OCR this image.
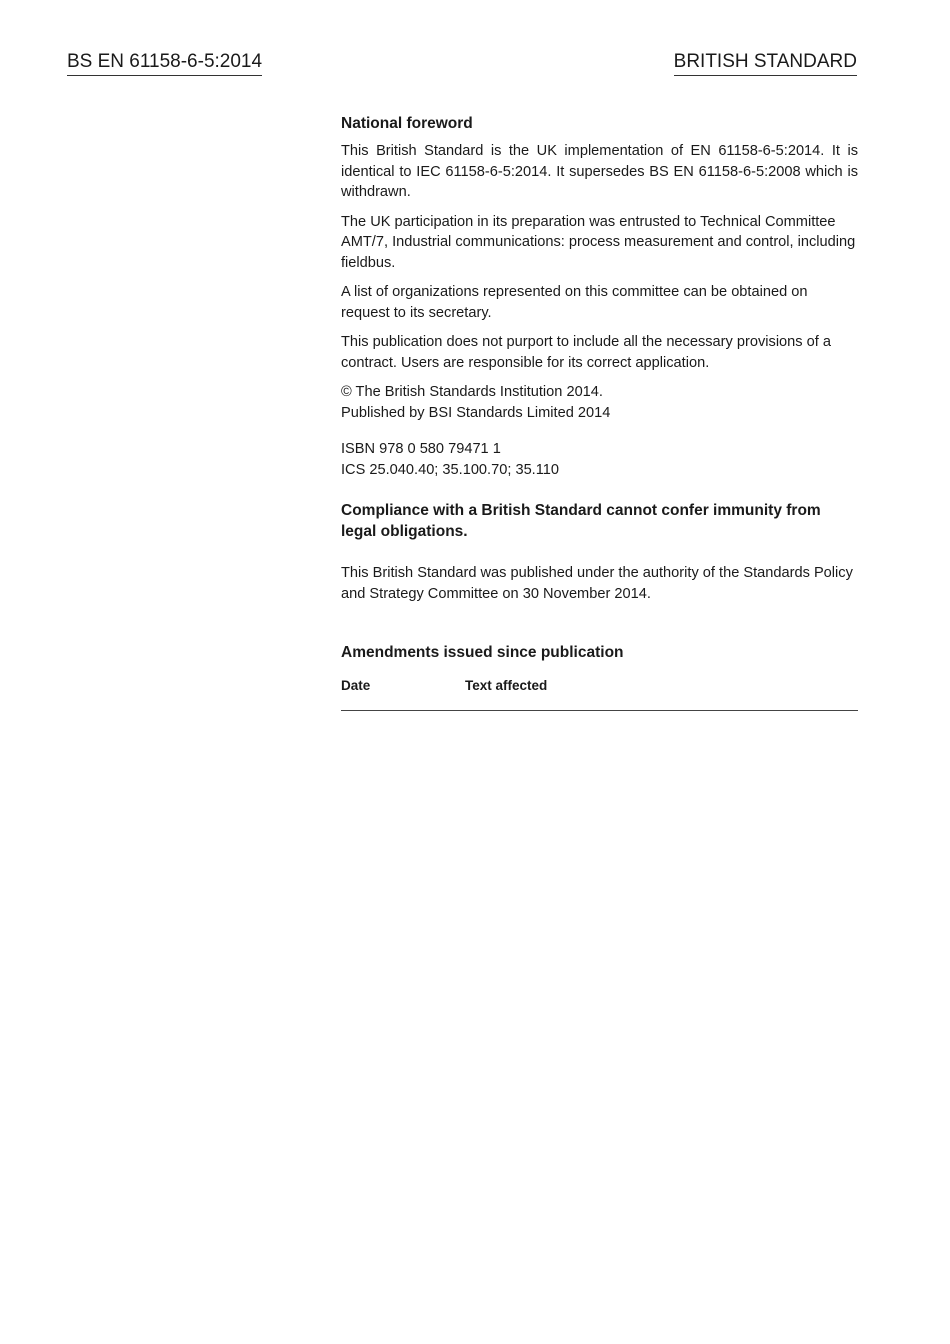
BS EN 61158-6-5:2014	BRITISH STANDARD

National foreword

This British Standard is the UK implementation of EN 61158-6-5:2014. It is identical to IEC 61158-6-5:2014. It supersedes BS EN 61158-6-5:2008 which is withdrawn.

The UK participation in its preparation was entrusted to Technical Committee AMT/7, Industrial communications: process measurement and control, including fieldbus.

A list of organizations represented on this committee can be obtained on request to its secretary.

This publication does not purport to include all the necessary provisions of a contract. Users are responsible for its correct application.

© The British Standards Institution 2014.
Published by BSI Standards Limited 2014
ISBN 978 0 580 79471 1
ICS 25.040.40; 35.100.70; 35.110

Compliance with a British Standard cannot confer immunity from legal obligations.

This British Standard was published under the authority of the Standards Policy and Strategy Committee on 30 November 2014.

Amendments issued since publication

Date	Text affected
